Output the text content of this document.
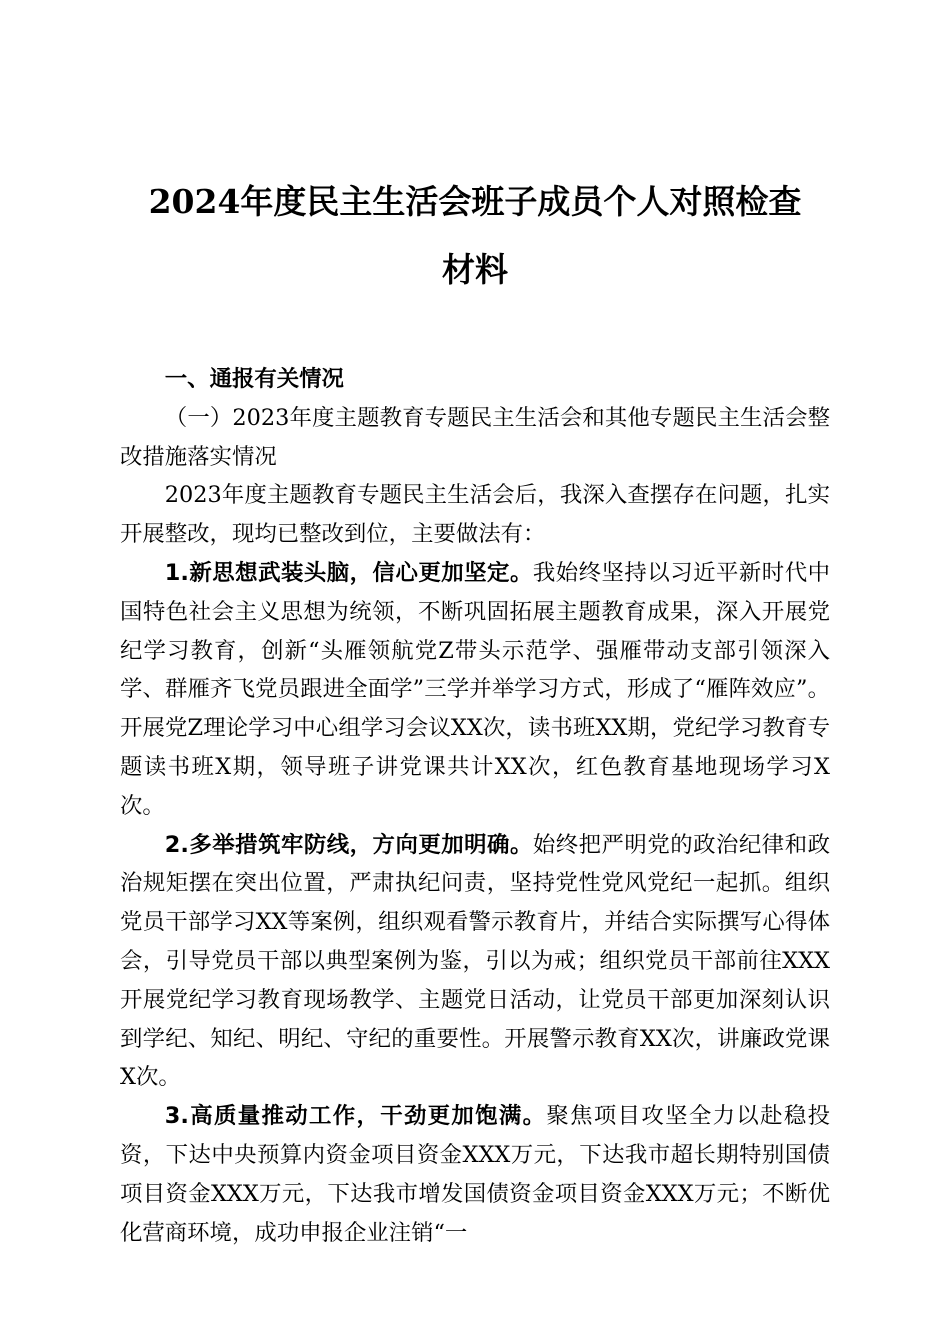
2024年度民主生活会班子成员个人对照检查
材料

一、通报有关情况

（一）2023年度主题教育专题民主生活会和其他专题民主生活会整改措施落实情况

2023年度主题教育专题民主生活会后，我深入查摆存在问题，扎实开展整改，现均已整改到位，主要做法有：

1.新思想武装头脑，信心更加坚定。我始终坚持以习近平新时代中国特色社会主义思想为统领，不断巩固拓展主题教育成果，深入开展党纪学习教育，创新“头雁领航党Z带头示范学、强雁带动支部引领深入学、群雁齐飞党员跟进全面学”三学并举学习方式，形成了“雁阵效应”。开展党Z理论学习中心组学习会议XX次，读书班XX期，党纪学习教育专题读书班X期，领导班子讲党课共计XX次，红色教育基地现场学习X次。

2.多举措筑牢防线，方向更加明确。始终把严明党的政治纪律和政治规矩摆在突出位置，严肃执纪问责，坚持党性党风党纪一起抓。组织党员干部学习XX等案例，组织观看警示教育片，并结合实际撰写心得体会，引导党员干部以典型案例为鉴，引以为戒；组织党员干部前往XXX开展党纪学习教育现场教学、主题党日活动，让党员干部更加深刻认识到学纪、知纪、明纪、守纪的重要性。开展警示教育XX次，讲廉政党课X次。

3.高质量推动工作，干劲更加饱满。聚焦项目攻坚全力以赴稳投资，下达中央预算内资金项目资金XXX万元，下达我市超长期特别国债项目资金XXX万元，下达我市增发国债资金项目资金XXX万元；不断优化营商环境，成功申报企业注销“一
